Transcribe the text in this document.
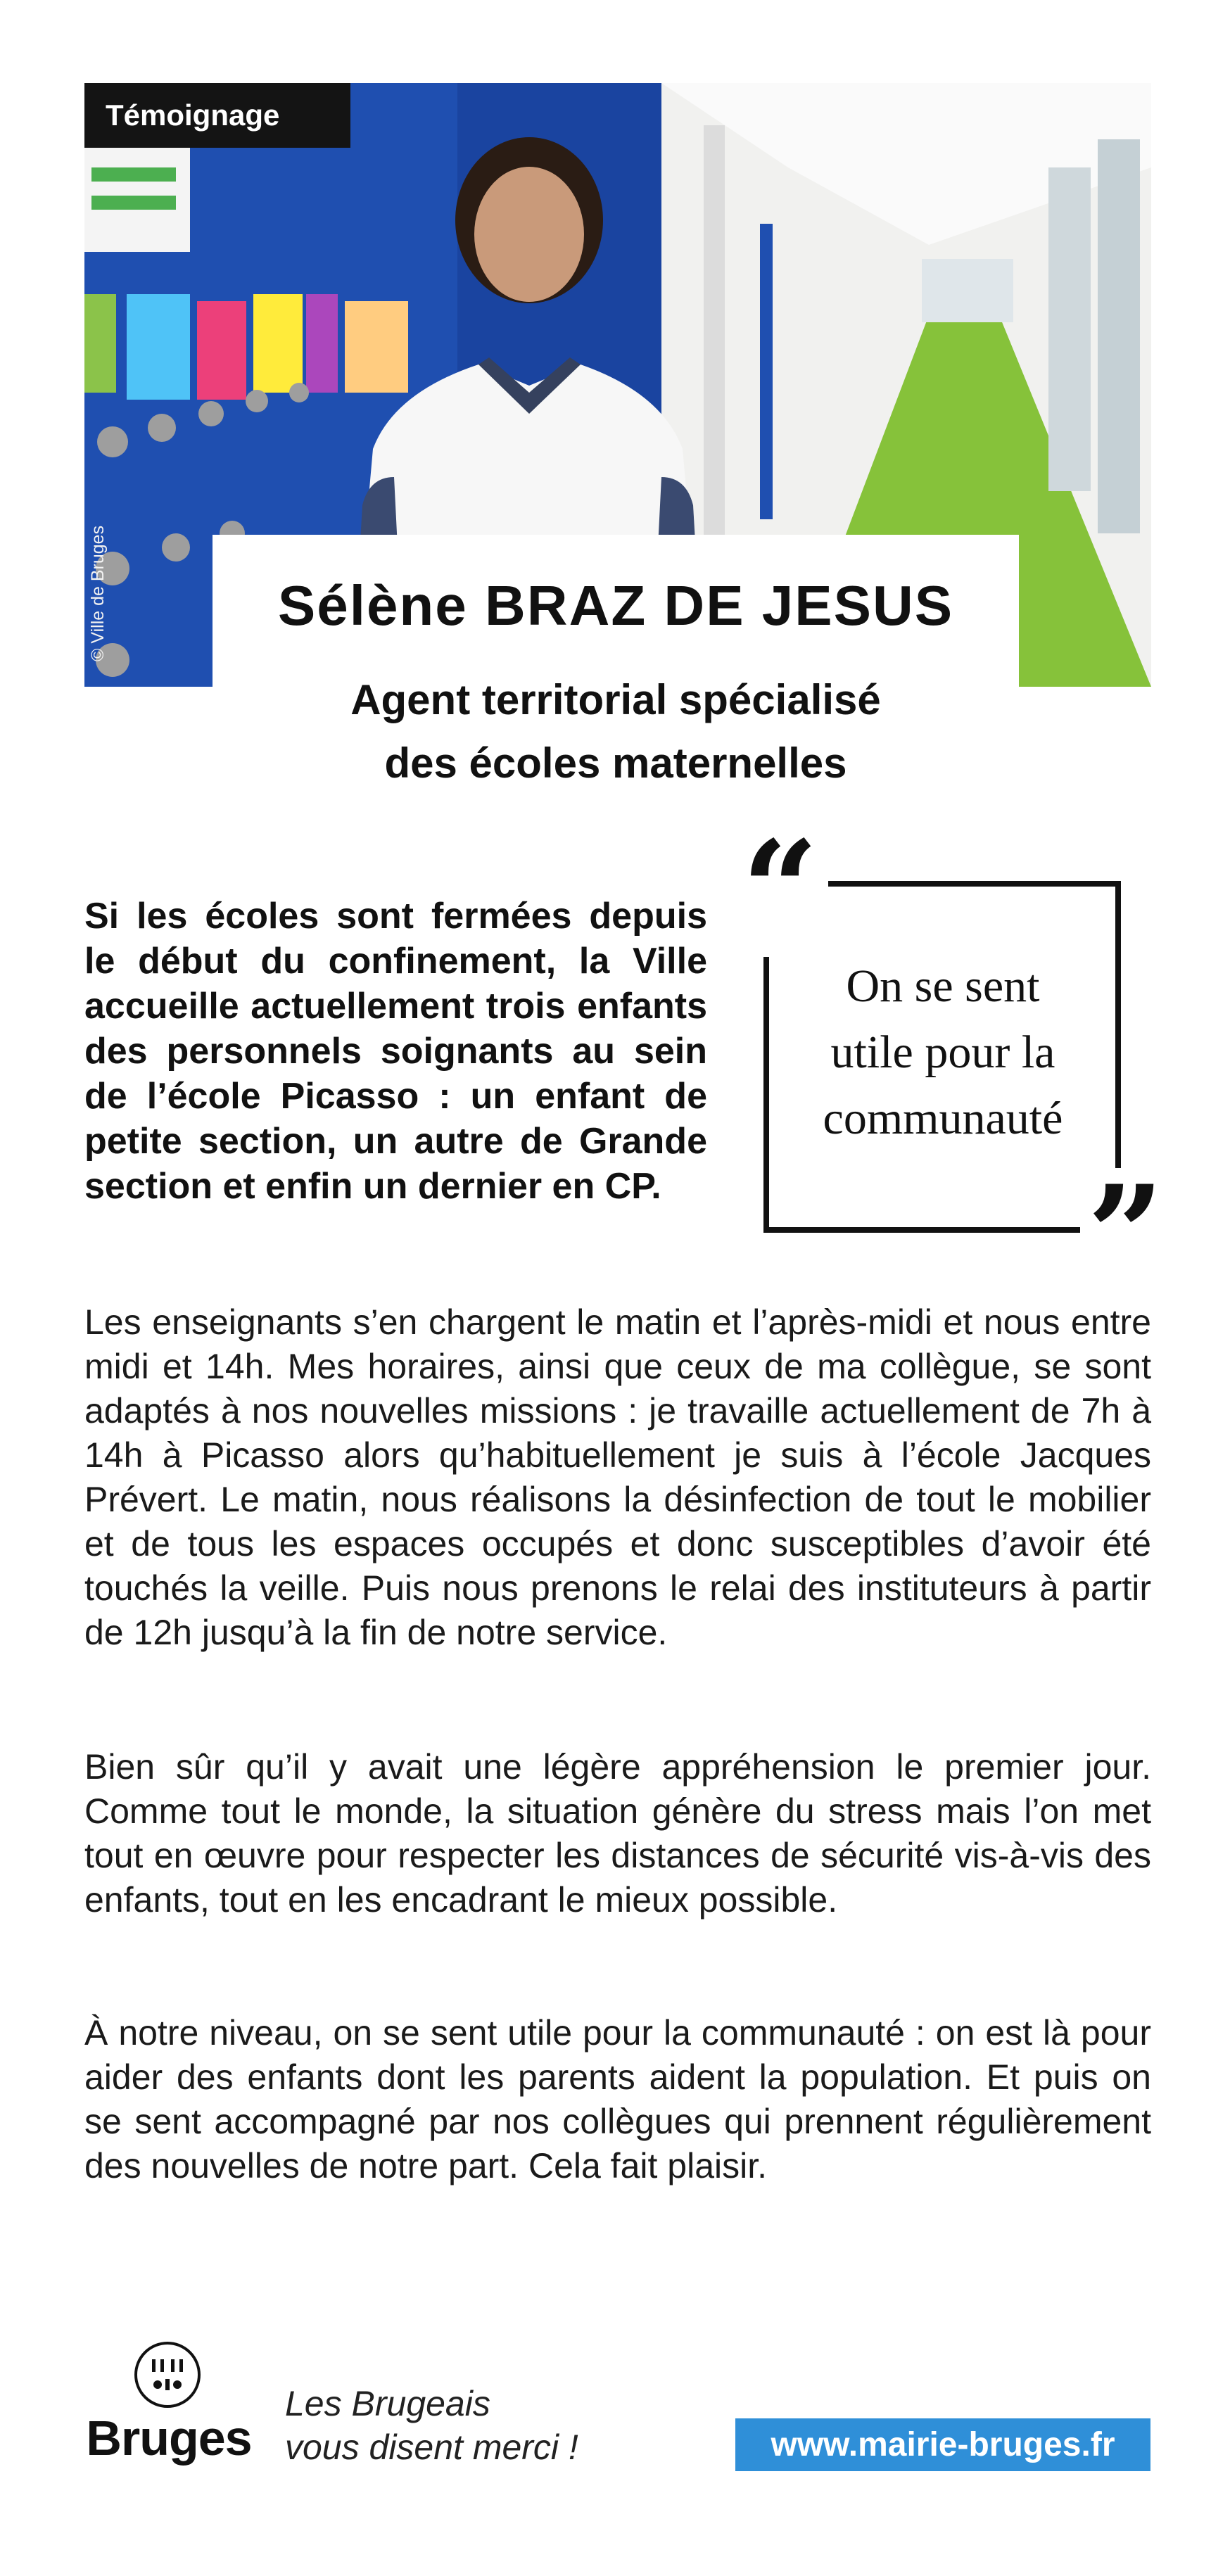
Témoignage
© Ville de Bruges	Sélène BRAZ DE JESUS
Agent territorial spécialisé
des écoles maternelles
Si les écoles sont fermées depuis le début du confinement, la Ville accueille actuellement trois enfants des personnels soignants au sein de l’école Picasso : un enfant de petite section, un autre de Grande section et enfin un dernier en CP.
“
”
On se sent
utile pour la
communauté
Les enseignants s’en chargent le matin et l’après-midi et nous entre midi et 14h. Mes horaires, ainsi que ceux de ma collègue, se sont adaptés à nos nouvelles missions : je travaille actuellement de 7h à 14h à Picasso alors qu’habituellement je suis à l’école Jacques Prévert. Le matin, nous réalisons la désinfection de tout le mobilier et de tous les espaces occupés et donc susceptibles d’avoir été touchés la veille. Puis nous prenons le relai des instituteurs à partir de 12h jusqu’à la fin de notre service.
Bien sûr qu’il y avait une légère appréhension le premier jour. Comme tout le monde, la situation génère du stress mais l’on met tout en œuvre pour respecter les distances de sécurité vis-à-vis des enfants, tout en les encadrant le mieux possible.
À notre niveau, on se sent utile pour la communauté : on est là pour aider des enfants dont les parents aident la population. Et puis on se sent accompagné par nos collègues qui prennent régulièrement des nouvelles de notre part. Cela fait plaisir.
Bruges
Les Brugeais
vous disent merci !	www.mairie-bruges.fr
